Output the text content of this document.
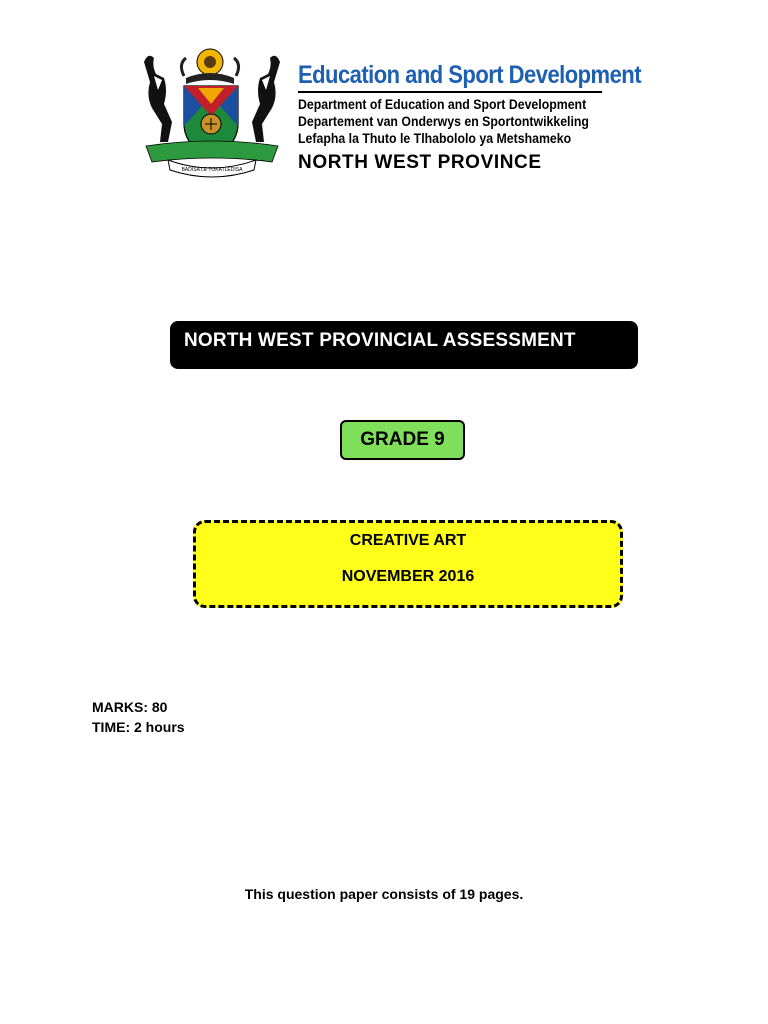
BADISA LE TOKATLEDISA
Education and Sport Development
Department of Education and Sport Development
Departement van Onderwys en Sportontwikkeling
Lefapha la Thuto le Tlhabololo ya Metshameko
NORTH WEST PROVINCE
NORTH WEST PROVINCIAL ASSESSMENT
GRADE 9
CREATIVE ART
NOVEMBER 2016
MARKS: 80
TIME: 2 hours
This question paper consists of 19 pages.
